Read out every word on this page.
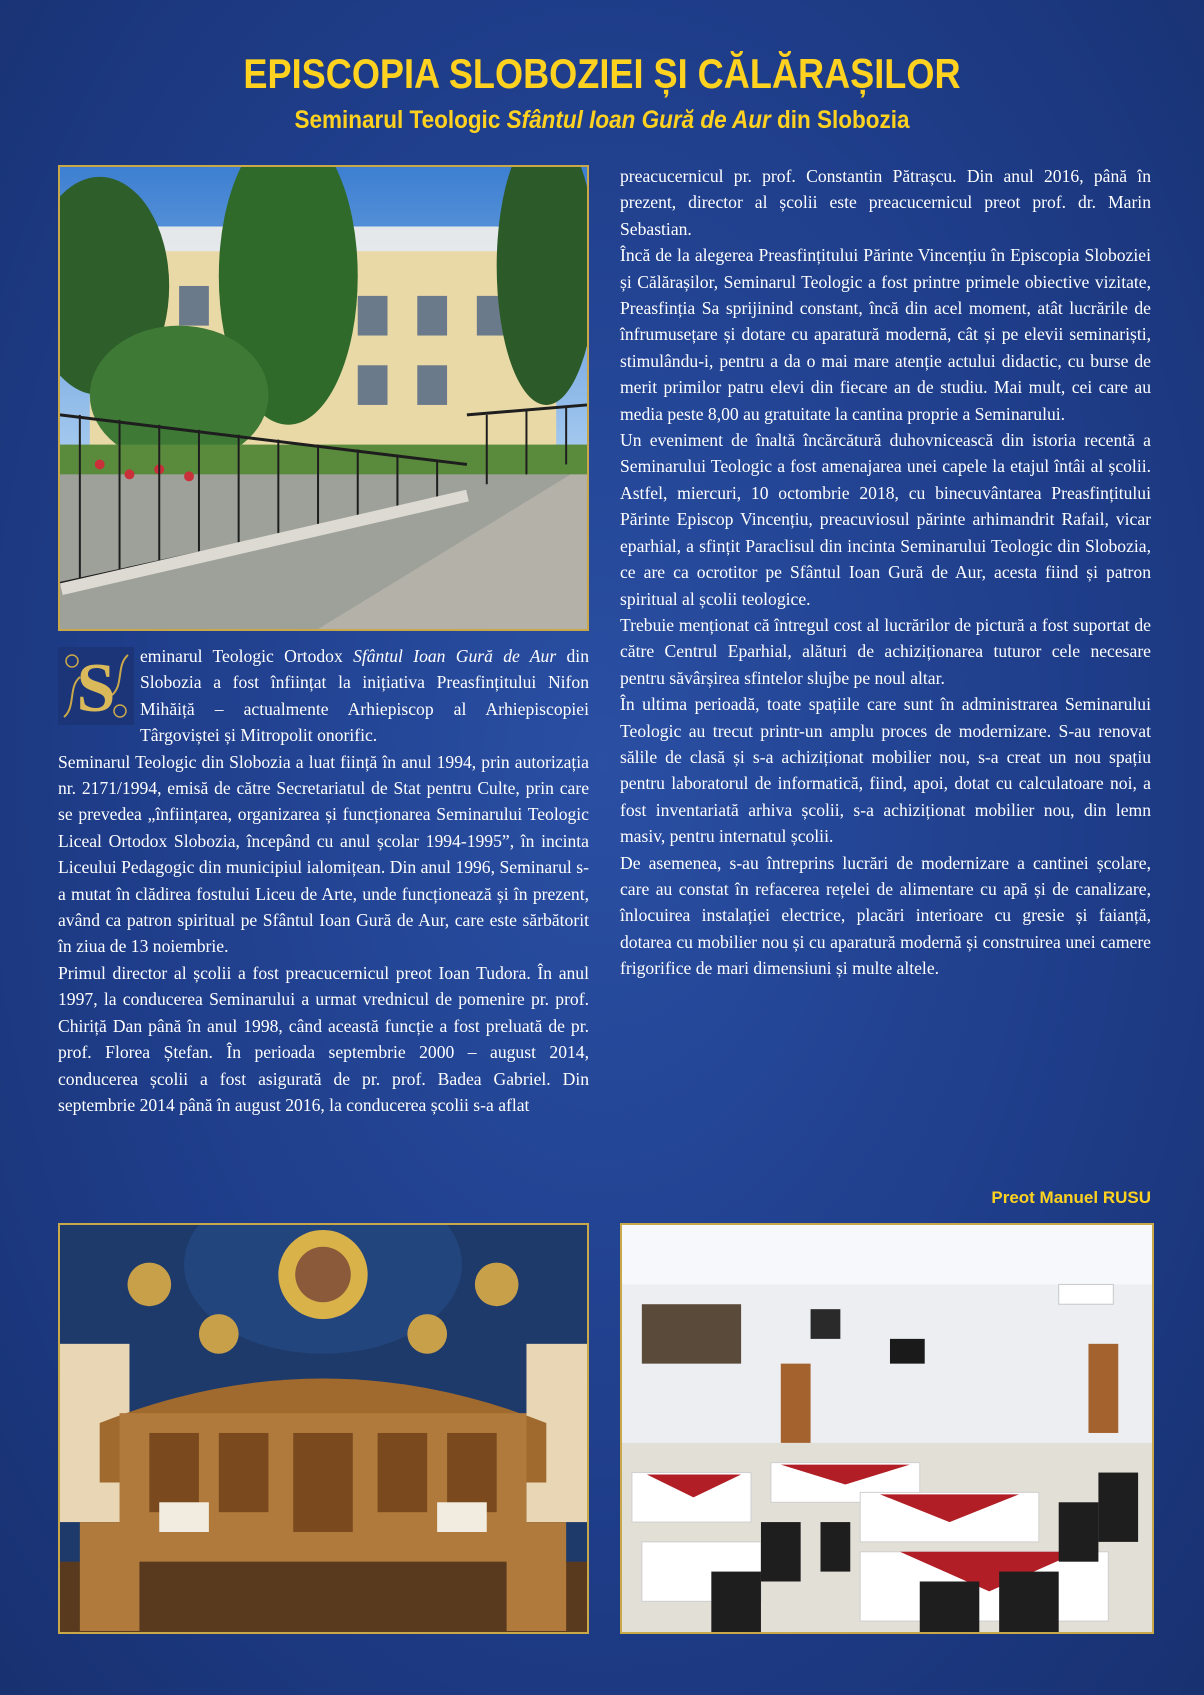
EPISCOPIA SLOBOZIEI ȘI CĂLĂRAȘILOR
Seminarul Teologic Sfântul Ioan Gură de Aur din Slobozia

S eminarul Teologic Ortodox Sfântul Ioan Gură de Aur din Slobozia a fost înființat la inițiativa Preasfințitului Nifon Mihăiță – actualmente Arhiepiscop al Arhiepiscopiei Târgoviștei și Mitropolit onorific.

Seminarul Teologic din Slobozia a luat ființă în anul 1994, prin autorizația nr. 2171/1994, emisă de către Secretariatul de Stat pentru Culte, prin care se prevedea „înființarea, organizarea și funcționarea Seminarului Teologic Liceal Ortodox Slobozia, începând cu anul școlar 1994-1995”, în incinta Liceului Pedagogic din municipiul ialomițean. Din anul 1996, Seminarul s-a mutat în clădirea fostului Liceu de Arte, unde funcționează și în prezent, având ca patron spiritual pe Sfântul Ioan Gură de Aur, care este sărbătorit în ziua de 13 noiembrie.

Primul director al școlii a fost preacucernicul preot Ioan Tudora. În anul 1997, la conducerea Seminarului a urmat vrednicul de pomenire pr. prof. Chiriță Dan până în anul 1998, când această funcție a fost preluată de pr. prof. Florea Ștefan. În perioada septembrie 2000 – august 2014, conducerea școlii a fost asigurată de pr. prof. Badea Gabriel. Din septembrie 2014 până în august 2016, la conducerea școlii s-a aflat

preacucernicul pr. prof. Constantin Pătrașcu. Din anul 2016, până în prezent, director al școlii este preacucernicul preot prof. dr. Marin Sebastian.

Încă de la alegerea Preasfințitului Părinte Vincențiu în Episcopia Sloboziei și Călărașilor, Seminarul Teologic a fost printre primele obiective vizitate, Preasfinția Sa sprijinind constant, încă din acel moment, atât lucrările de înfrumusețare și dotare cu aparatură modernă, cât și pe elevii seminariști, stimulându-i, pentru a da o mai mare atenție actului didactic, cu burse de merit primilor patru elevi din fiecare an de studiu. Mai mult, cei care au media peste 8,00 au gratuitate la cantina proprie a Seminarului.

Un eveniment de înaltă încărcătură duhovnicească din istoria recentă a Seminarului Teologic a fost amenajarea unei capele la etajul întâi al școlii. Astfel, miercuri, 10 octombrie 2018, cu binecuvântarea Preasfințitului Părinte Episcop Vincențiu, preacuviosul părinte arhimandrit Rafail, vicar eparhial, a sfințit Paraclisul din incinta Seminarului Teologic din Slobozia, ce are ca ocrotitor pe Sfântul Ioan Gură de Aur, acesta fiind și patron spiritual al școlii teologice.

Trebuie menționat că întregul cost al lucrărilor de pictură a fost suportat de către Centrul Eparhial, alături de achiziționarea tuturor cele necesare pentru săvârșirea sfintelor slujbe pe noul altar.

În ultima perioadă, toate spațiile care sunt în administrarea Seminarului Teologic au trecut printr-un amplu proces de modernizare. S-au renovat sălile de clasă și s-a achiziționat mobilier nou, s-a creat un nou spațiu pentru laboratorul de informatică, fiind, apoi, dotat cu calculatoare noi, a fost inventariată arhiva școlii, s-a achiziționat mobilier nou, din lemn masiv, pentru internatul școlii.

De asemenea, s-au întreprins lucrări de modernizare a cantinei școlare, care au constat în refacerea rețelei de alimentare cu apă și de canalizare, înlocuirea instalației electrice, placări interioare cu gresie și faianță, dotarea cu mobilier nou și cu aparatură modernă și construirea unei camere frigorifice de mari dimensiuni și multe altele.

Preot Manuel RUSU
